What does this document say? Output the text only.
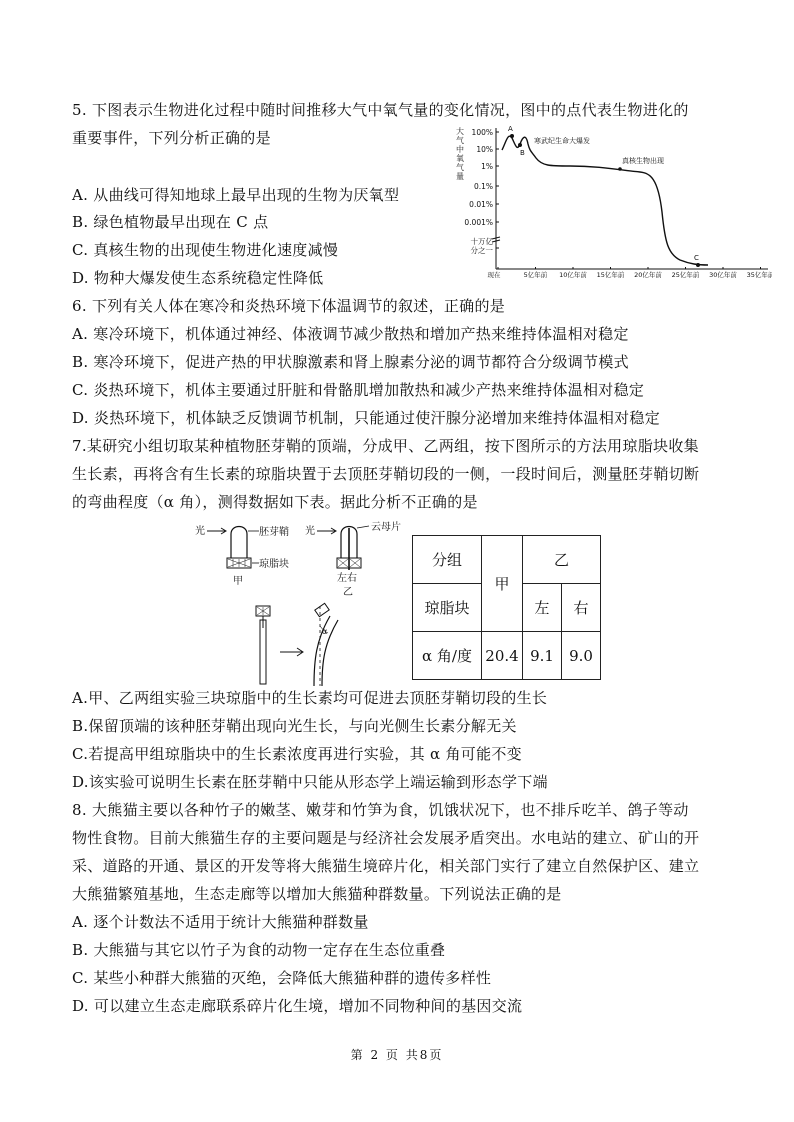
5. 下图表示生物进化过程中随时间推移大气中氧气量的变化情况，图中的点代表生物进化的
重要事件，下列分析正确的是
A. 从曲线可得知地球上最早出现的生物为厌氧型
B. 绿色植物最早出现在 C 点
C. 真核生物的出现使生物进化速度减慢
D. 物种大爆发使生态系统稳定性降低
大
气
中
氧
气
量
100%
10%
1%
0.1%
0.01%
0.001%
十万亿
分之一
现在	5亿年前 10亿年前 15亿年前 20亿年前 25亿年前 30亿年前 35亿年前
A
B
C
寒武纪生命大爆发
真核生物出现
6. 下列有关人体在寒冷和炎热环境下体温调节的叙述，正确的是
A. 寒冷环境下，机体通过神经、体液调节减少散热和增加产热来维持体温相对稳定
B. 寒冷环境下，促进产热的甲状腺激素和肾上腺素分泌的调节都符合分级调节模式
C. 炎热环境下，机体主要通过肝脏和骨骼肌增加散热和减少产热来维持体温相对稳定
D. 炎热环境下，机体缺乏反馈调节机制，只能通过使汗腺分泌增加来维持体温相对稳定
7.某研究小组切取某种植物胚芽鞘的顶端，分成甲、乙两组，按下图所示的方法用琼脂块收集
生长素，再将含有生长素的琼脂块置于去顶胚芽鞘切段的一侧，一段时间后，测量胚芽鞘切断
的弯曲程度（α 角），测得数据如下表。据此分析不正确的是
光	胚芽鞘
琼脂块
甲
光	云母片
左右
乙
α
分组	甲	乙	
琼脂块		左	右
α 角/度	20.4	9.1	9.0
A.甲、乙两组实验三块琼脂中的生长素均可促进去顶胚芽鞘切段的生长
B.保留顶端的该种胚芽鞘出现向光生长，与向光侧生长素分解无关
C.若提高甲组琼脂块中的生长素浓度再进行实验，其 α 角可能不变
D.该实验可说明生长素在胚芽鞘中只能从形态学上端运输到形态学下端
8. 大熊猫主要以各种竹子的嫩茎、嫩芽和竹笋为食，饥饿状况下，也不排斥吃羊、鸽子等动
物性食物。目前大熊猫生存的主要问题是与经济社会发展矛盾突出。水电站的建立、矿山的开
采、道路的开通、景区的开发等将大熊猫生境碎片化，相关部门实行了建立自然保护区、建立
大熊猫繁殖基地，生态走廊等以增加大熊猫种群数量。下列说法正确的是
A. 逐个计数法不适用于统计大熊猫种群数量
B. 大熊猫与其它以竹子为食的动物一定存在生态位重叠
C. 某些小种群大熊猫的灭绝，会降低大熊猫种群的遗传多样性
D. 可以建立生态走廊联系碎片化生境，增加不同物种间的基因交流
第 2 页 共8页
